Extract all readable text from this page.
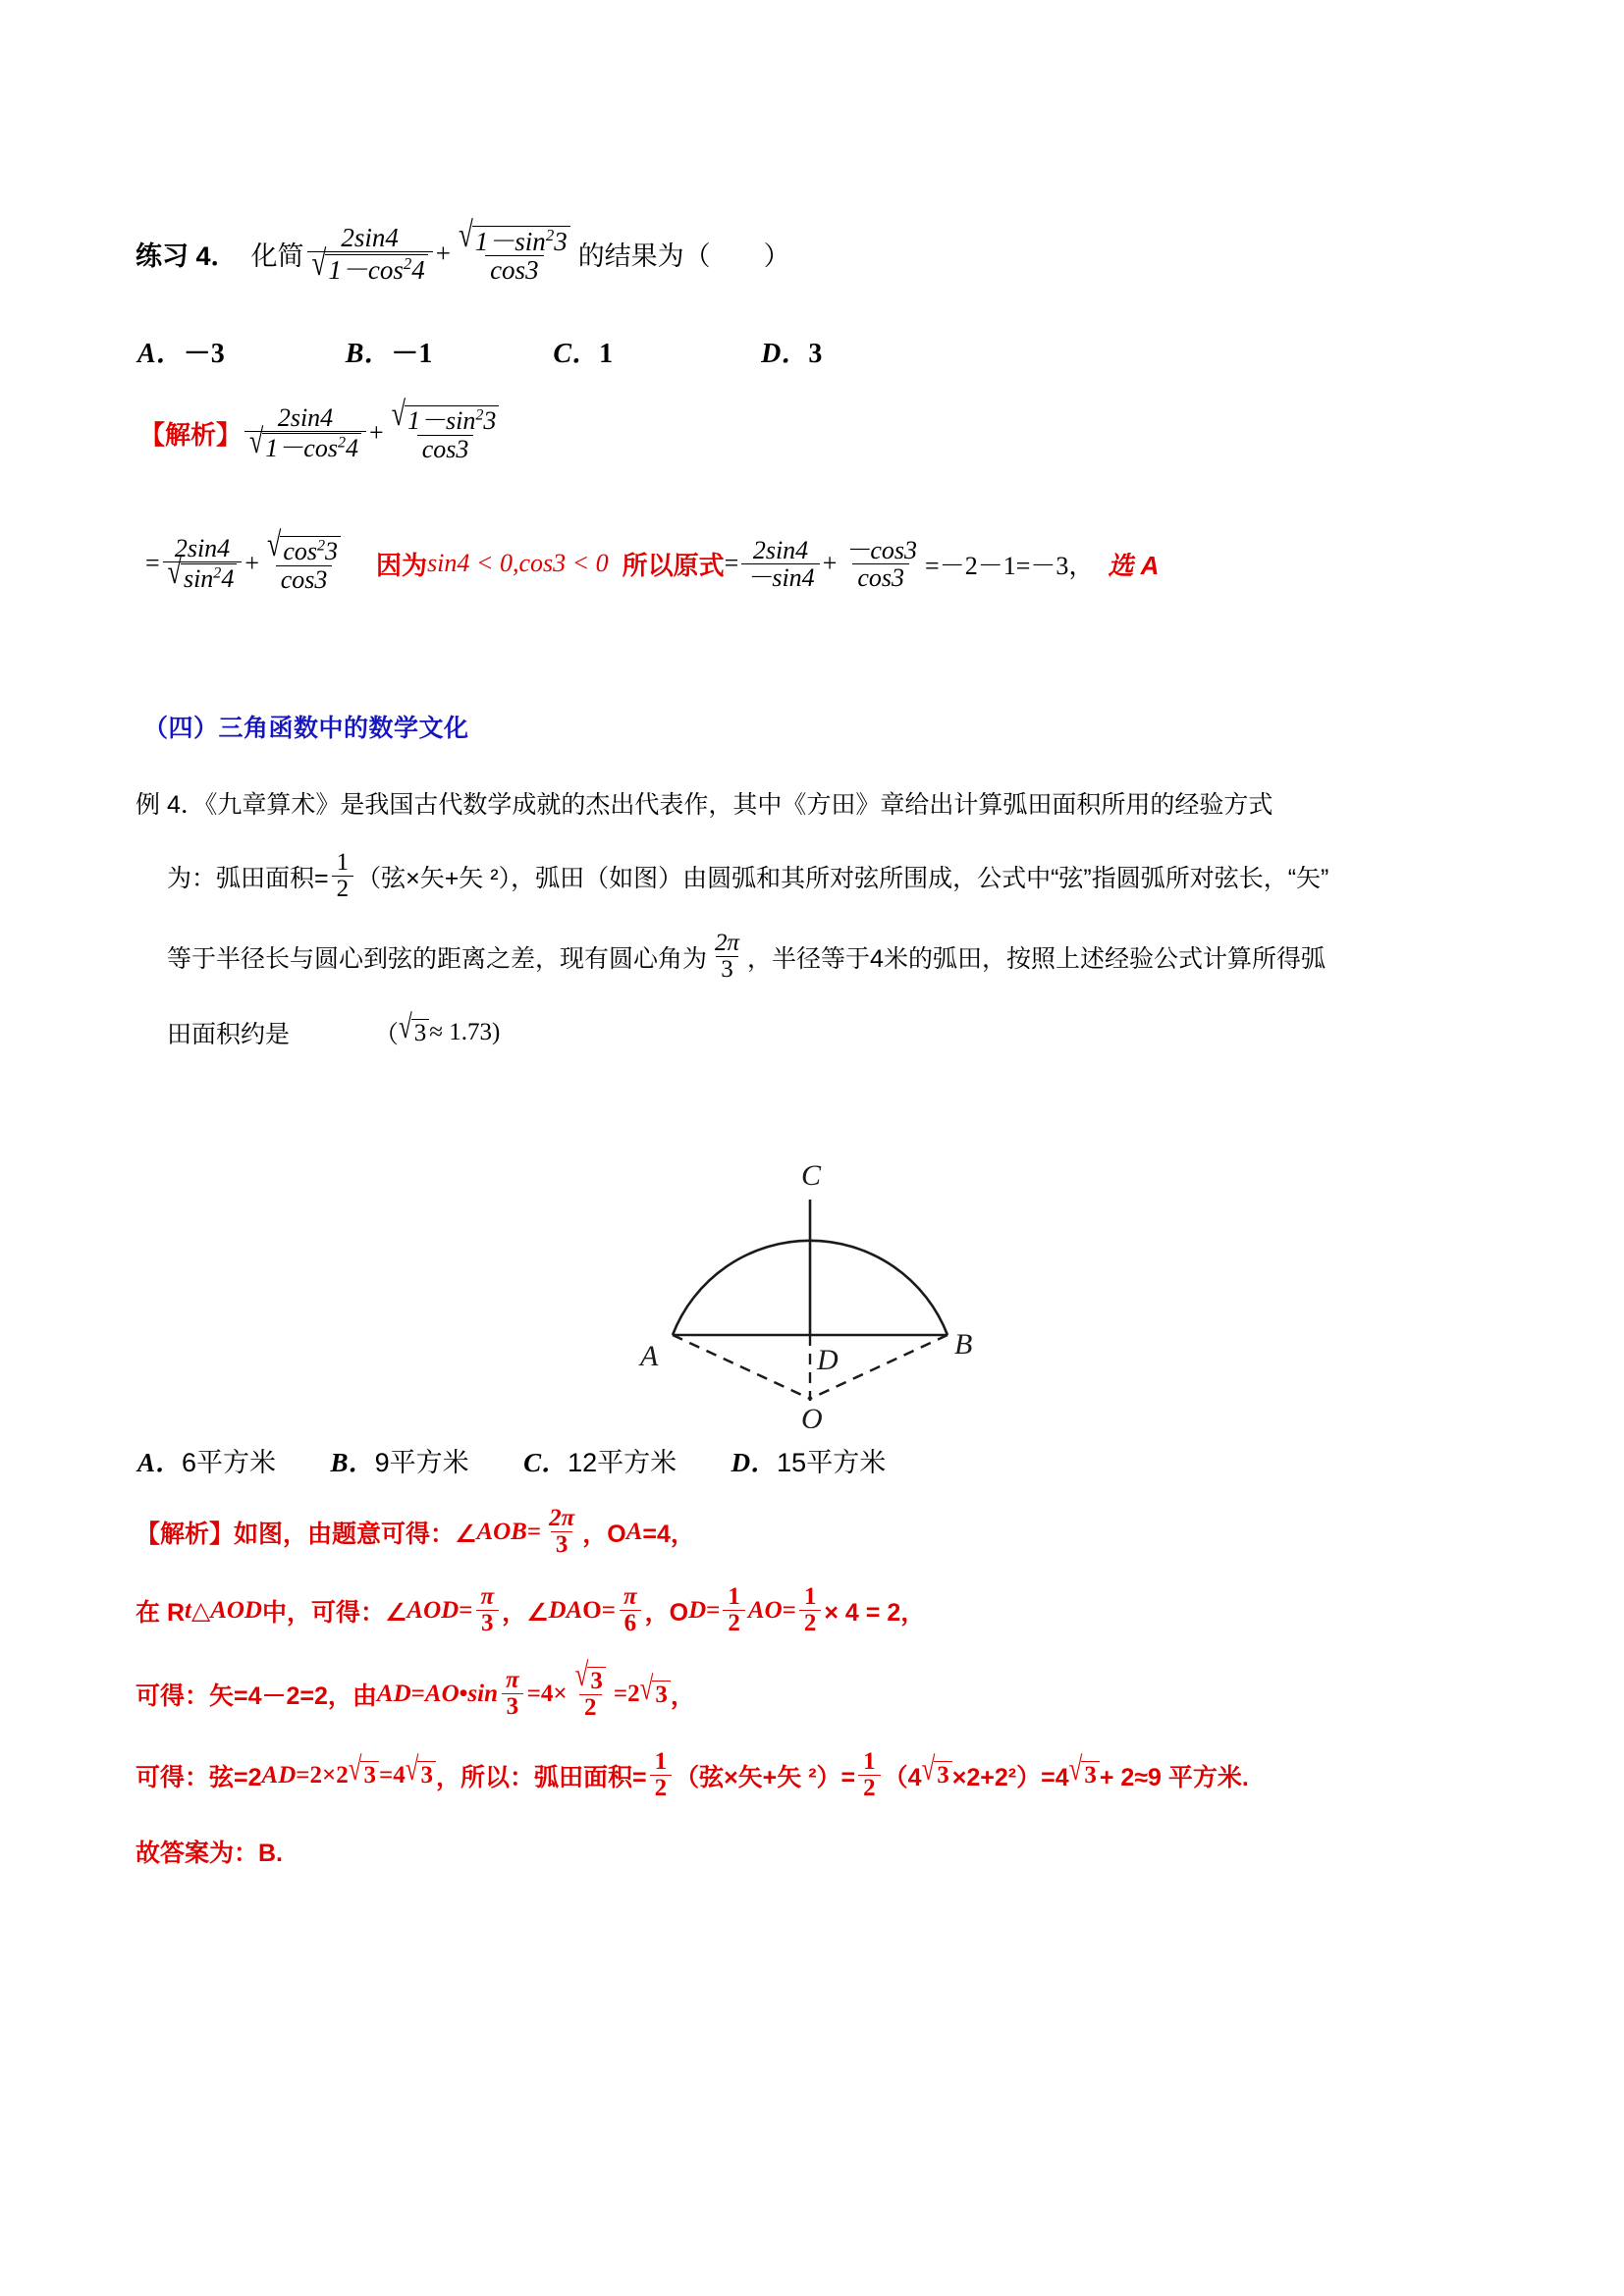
练习 4． 化简 $\frac{2\sin 4}{√ 1-\cos^24} + \frac{√ 1-\sin^23}{\cos 3}$ 的结果为（　　）
A．－3	B．－1	C．1	D．3
【解析】 $\frac{2\sin 4}{√ 1-\cos^24} + \frac{√ 1-\sin^23}{\cos 3}$
= $\frac{2\sin 4}{√ \sin^24} + \frac{√ \cos^23}{\cos 3}$ 因为 sin4 < 0,cos3 < 0 所以原式 = $\frac{2\sin 4}{-\sin 4} + \frac{-\cos 3}{\cos 3} =-2-1=-3$， 选 A
（四）三角函数中的数学文化
例 4．《九章算术》是我国古代数学成就的杰出代表作，其中《方田》章给出计算弧田面积所用的经验方式
为：弧田面积= $\frac{1}{2}$ （弦×矢+矢 ²），弧田（如图）由圆弧和其所对弦所围成，公式中“弦”指圆弧所对弦长，“矢”
等于半径长与圆心到弦的距离之差，现有圆心角为 $\frac{2\pi}{3}$ ，半径等于4米的弧田，按照上述经验公式计算所得弧
田面积约是	（ √ 3 ≈ 1.73)
C
A	B
D
O
A．6平方米 B．9平方米 C．12平方米 D．15平方米
【解析】 如图，由题意可得：∠ AOB = $\frac{2\pi}{3}$ ，O A =4，
在 R t △ AOD 中，可得：∠ AOD = $\frac{\pi}{3}$ ，∠ DA $O = \frac{\pi}{6}$ ，O $D = \frac{1}{2}$ AO = $\frac{1}{2} \times 4 = 2$，
可得：矢=4－2=2，由 AD = AO • $\sin \frac{\pi}{3} =4\times \frac{√ 3}{2} =2$ √ 3 ，
可得：弦=2 AD =2×2 √ 3 =4 √ 3 ，所以：弧田面积= $\frac{1}{2}$ （弦×矢+矢 $^2)= \frac{1}{2} (4$ √ 3 ×2+2²）=4 √ 3 + 2≈9 平方米.
故答案为：B.
